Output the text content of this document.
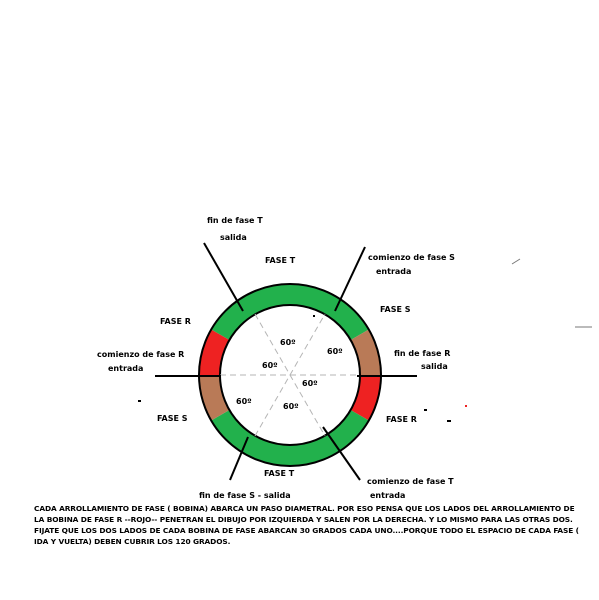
fin de fase T
salida
FASE T	comienzo de fase S
entrada
FASE S
FASE R
comienzo de fase R
entrada
fin de fase R
salida
FASE S	FASE R
FASE T
comienzo de fase T
entrada
fin de fase S - salida
60º
60º
60º
60º
60º
60º

CADA ARROLLAMIENTO DE FASE ( BOBINA) ABARCA UN PASO DIAMETRAL. POR ESO PENSA QUE LOS LADOS DEL ARROLLAMIENTO DE LA BOBINA DE FASE R --ROJO-- PENETRAN EL DIBUJO POR IZQUIERDA Y SALEN POR LA DERECHA. Y LO MISMO PARA LAS OTRAS DOS. FIJATE QUE LOS DOS LADOS DE CADA BOBINA DE FASE ABARCAN 30 GRADOS CADA UNO....PORQUE TODO EL ESPACIO DE CADA FASE ( IDA Y VUELTA) DEBEN CUBRIR LOS 120 GRADOS.
